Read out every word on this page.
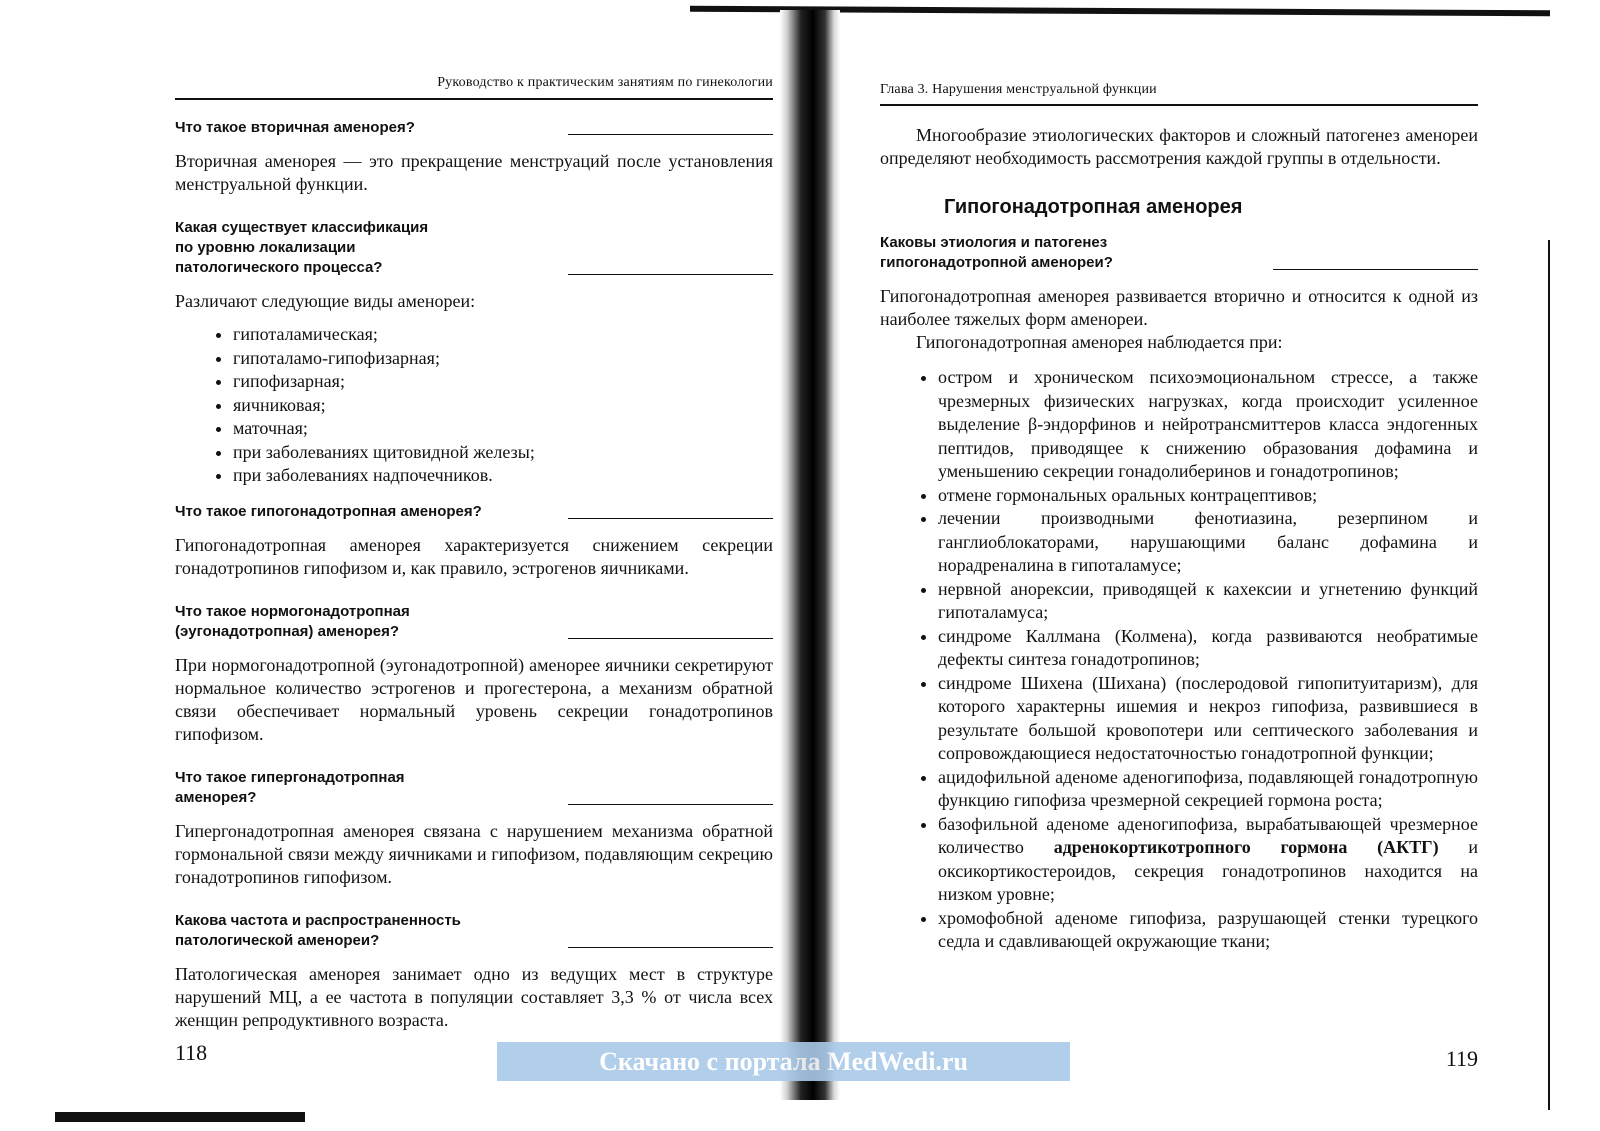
Руководство к практическим занятиям по гинекологии

Что такое вторичная аменорея?

Вторичная аменорея — это прекращение менструаций после установления менструальной функции.

Какая существует классификация
по уровню локализации
патологического процесса?

Различают следующие виды аменореи:

• гипоталамическая;
• гипоталамо-гипофизарная;
• гипофизарная;
• яичниковая;
• маточная;
• при заболеваниях щитовидной железы;
• при заболеваниях надпочечников.

Что такое гипогонадотропная аменорея?

Гипогонадотропная аменорея характеризуется снижением секреции гонадотропинов гипофизом и, как правило, эстрогенов яичниками.

Что такое нормогонадотропная
(эугонадотропная) аменорея?

При нормогонадотропной (эугонадотропной) аменорее яичники секретируют нормальное количество эстрогенов и прогестерона, а механизм обратной связи обеспечивает нормальный уровень секреции гонадотропинов гипофизом.

Что такое гипергонадотропная
аменорея?

Гипергонадотропная аменорея связана с нарушением механизма обратной гормональной связи между яичниками и гипофизом, подавляющим секрецию гонадотропинов гипофизом.

Какова частота и распространенность
патологической аменореи?

Патологическая аменорея занимает одно из ведущих мест в структуре нарушений МЦ, а ее частота в популяции составляет 3,3 % от числа всех женщин репродуктивного возраста.

118
Глава 3. Нарушения менструальной функции

Многообразие этиологических факторов и сложный патогенез аменореи определяют необходимость рассмотрения каждой группы в отдельности.

Гипогонадотропная аменорея

Каковы этиология и патогенез
гипогонадотропной аменореи?

Гипогонадотропная аменорея развивается вторично и относится к одной из наиболее тяжелых форм аменореи.

Гипогонадотропная аменорея наблюдается при:

• остром и хроническом психоэмоциональном стрессе, а также чрезмерных физических нагрузках, когда происходит усиленное выделение β-эндорфинов и нейротрансмиттеров класса эндогенных пептидов, приводящее к снижению образования дофамина и уменьшению секреции гонадолиберинов и гонадотропинов;
• отмене гормональных оральных контрацептивов;
• лечении производными фенотиазина, резерпином и ганглиоблокаторами, нарушающими баланс дофамина и норадреналина в гипоталамусе;
• нервной анорексии, приводящей к кахексии и угнетению функций гипоталамуса;
• синдроме Каллмана (Колмена), когда развиваются необратимые дефекты синтеза гонадотропинов;
• синдроме Шихена (Шихана) (послеродовой гипопитуитаризм), для которого характерны ишемия и некроз гипофиза, развившиеся в результате большой кровопотери или септического заболевания и сопровождающиеся недостаточностью гонадотропной функции;
• ацидофильной аденоме аденогипофиза, подавляющей гонадотропную функцию гипофиза чрезмерной секрецией гормона роста;
• базофильной аденоме аденогипофиза, вырабатывающей чрезмерное количество адренокортикотропного гормона (АКТГ) и оксикортикостероидов, секреция гонадотропинов находится на низком уровне;
• хромофобной аденоме гипофиза, разрушающей стенки турецкого седла и сдавливающей окружающие ткани;
119
Скачано с портала MedWedi.ru
